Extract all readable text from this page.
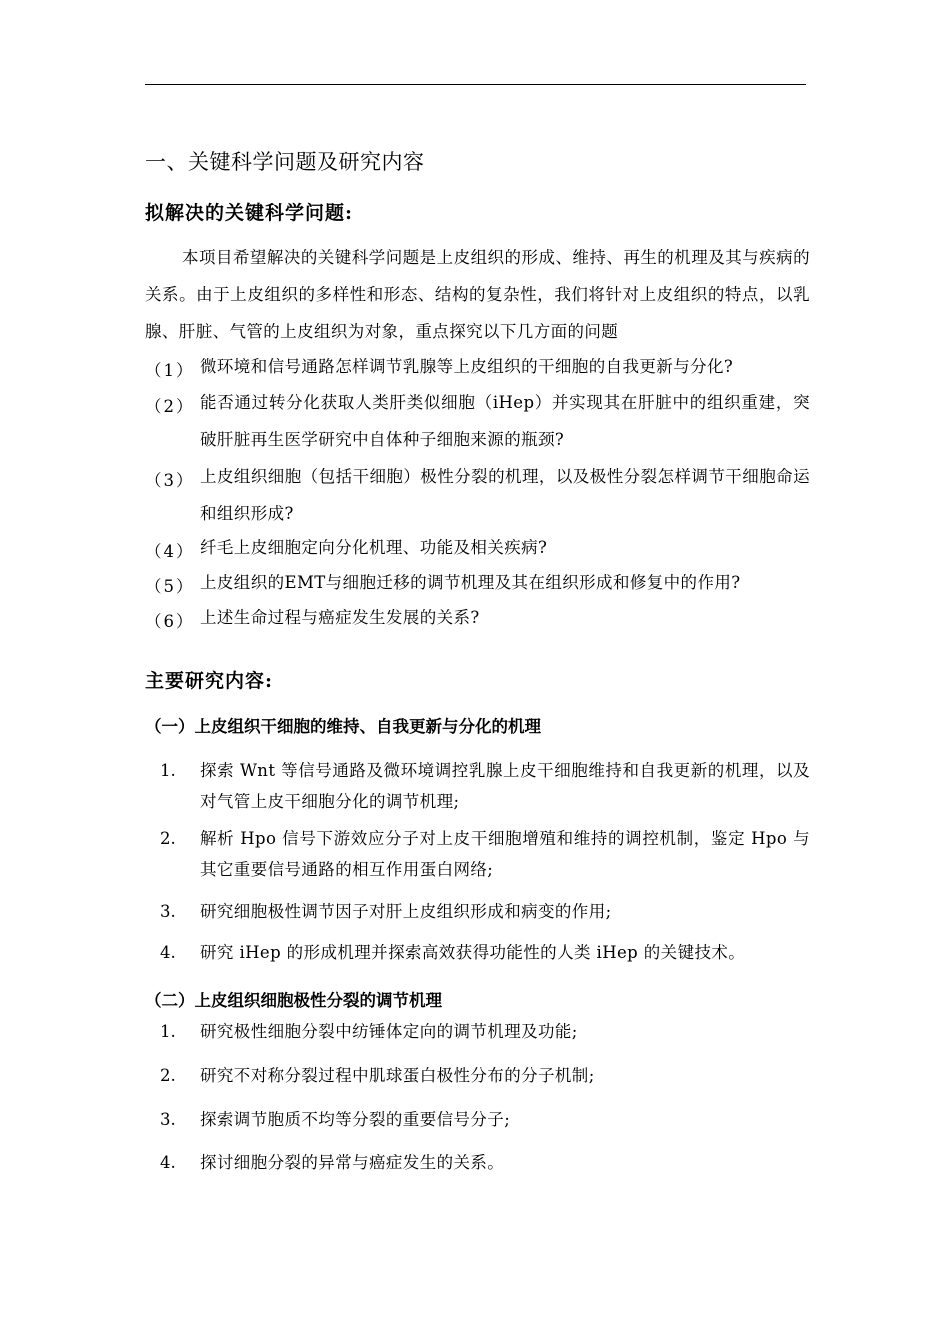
一、关键科学问题及研究内容
拟解决的关键科学问题:

本项目希望解决的关键科学问题是上皮组织的形成、维持、再生的机理及其与疾病的关系。由于上皮组织的多样性和形态、结构的复杂性，我们将针对上皮组织的特点，以乳腺、肝脏、气管的上皮组织为对象，重点探究以下几方面的问题

（1） 微环境和信号通路怎样调节乳腺等上皮组织的干细胞的自我更新与分化?

（2） 能否通过转分化获取人类肝类似细胞（iHep）并实现其在肝脏中的组织重建，突破肝脏再生医学研究中自体种子细胞来源的瓶颈?

（3） 上皮组织细胞（包括干细胞）极性分裂的机理，以及极性分裂怎样调节干细胞命运和组织形成?

（4） 纤毛上皮细胞定向分化机理、功能及相关疾病?

（5） 上皮组织的EMT与细胞迁移的调节机理及其在组织形成和修复中的作用?

（6） 上述生命过程与癌症发生发展的关系?

主要研究内容:
（一）上皮组织干细胞的维持、自我更新与分化的机理
1. 探索 Wnt 等信号通路及微环境调控乳腺上皮干细胞维持和自我更新的机理，以及对气管上皮干细胞分化的调节机理;

2. 解析 Hpo 信号下游效应分子对上皮干细胞增殖和维持的调控机制，鉴定 Hpo 与其它重要信号通路的相互作用蛋白网络;

3. 研究细胞极性调节因子对肝上皮组织形成和病变的作用;

4. 研究 iHep 的形成机理并探索高效获得功能性的人类 iHep 的关键技术。

（二）上皮组织细胞极性分裂的调节机理
1. 研究极性细胞分裂中纺锤体定向的调节机理及功能;

2. 研究不对称分裂过程中肌球蛋白极性分布的分子机制;

3. 探索调节胞质不均等分裂的重要信号分子;

4. 探讨细胞分裂的异常与癌症发生的关系。
